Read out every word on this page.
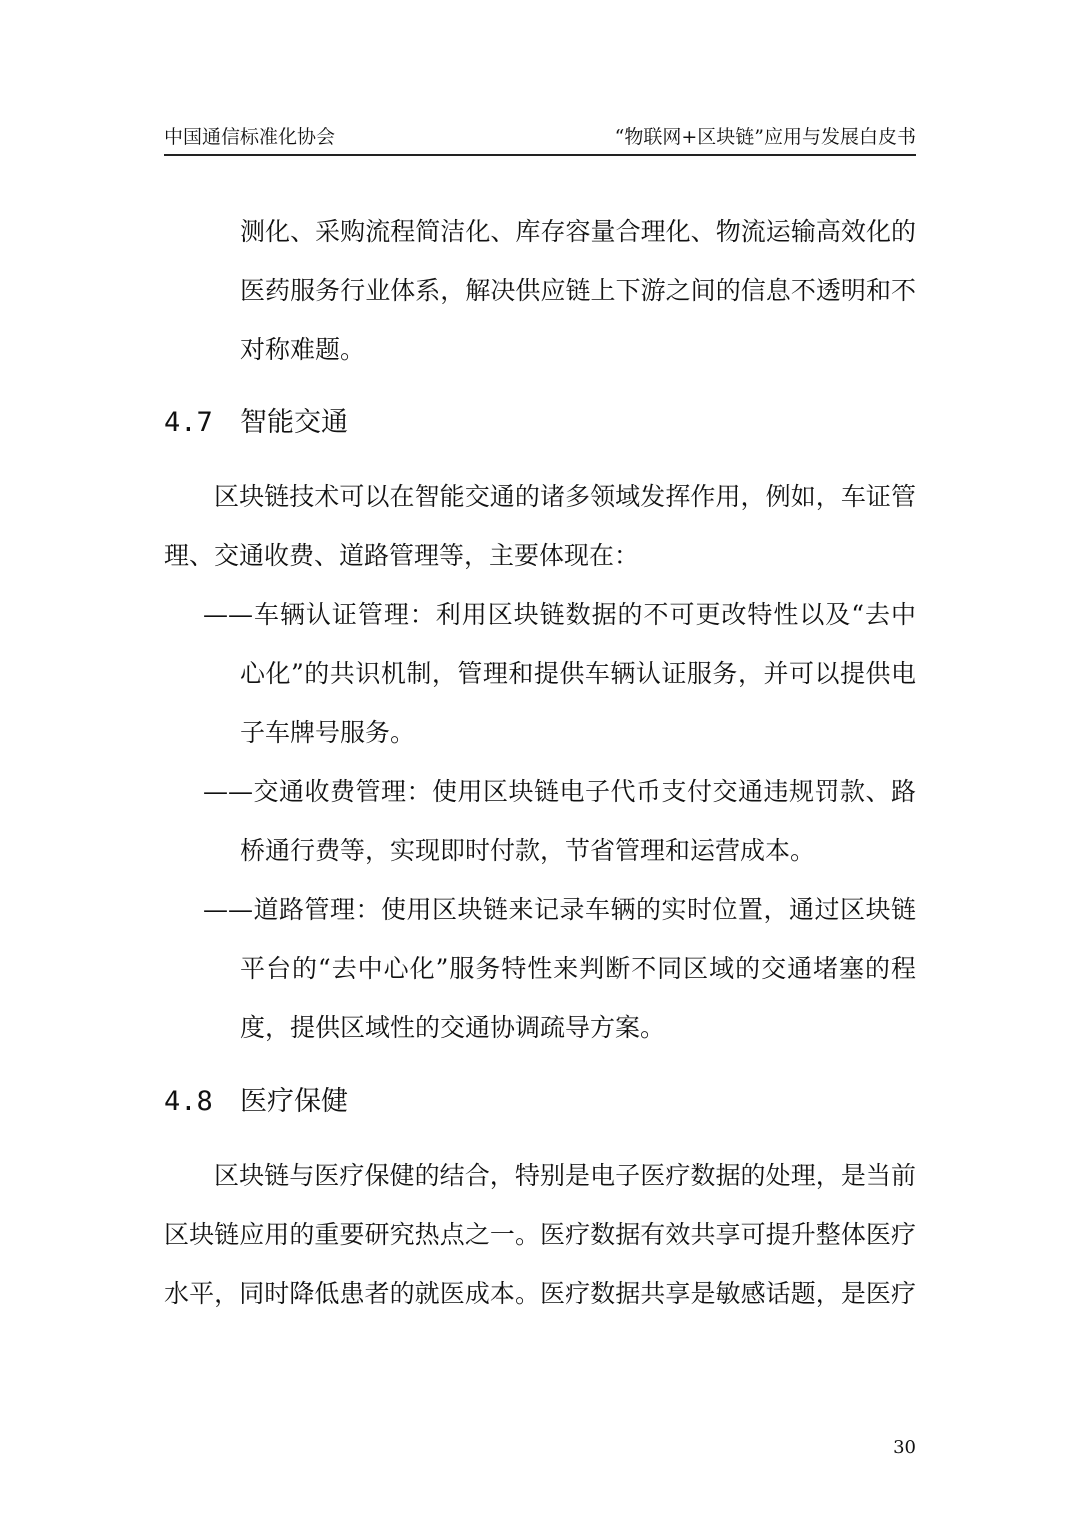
中国通信标准化协会	“物联网+区块链”应用与发展白皮书

测化、采购流程简洁化、库存容量合理化、物流运输高效化的

医药服务行业体系，解决供应链上下游之间的信息不透明和不

对称难题。

4.7 智能交通

区块链技术可以在智能交通的诸多领域发挥作用，例如，车证管

理、交通收费、道路管理等，主要体现在：

——车辆认证管理：利用区块链数据的不可更改特性以及“去中

心化”的共识机制，管理和提供车辆认证服务，并可以提供电

子车牌号服务。

——交通收费管理：使用区块链电子代币支付交通违规罚款、路

桥通行费等，实现即时付款，节省管理和运营成本。

——道路管理：使用区块链来记录车辆的实时位置，通过区块链

平台的“去中心化”服务特性来判断不同区域的交通堵塞的程

度，提供区域性的交通协调疏导方案。

4.8 医疗保健

区块链与医疗保健的结合，特别是电子医疗数据的处理，是当前

区块链应用的重要研究热点之一。医疗数据有效共享可提升整体医疗

水平，同时降低患者的就医成本。医疗数据共享是敏感话题，是医疗

30
